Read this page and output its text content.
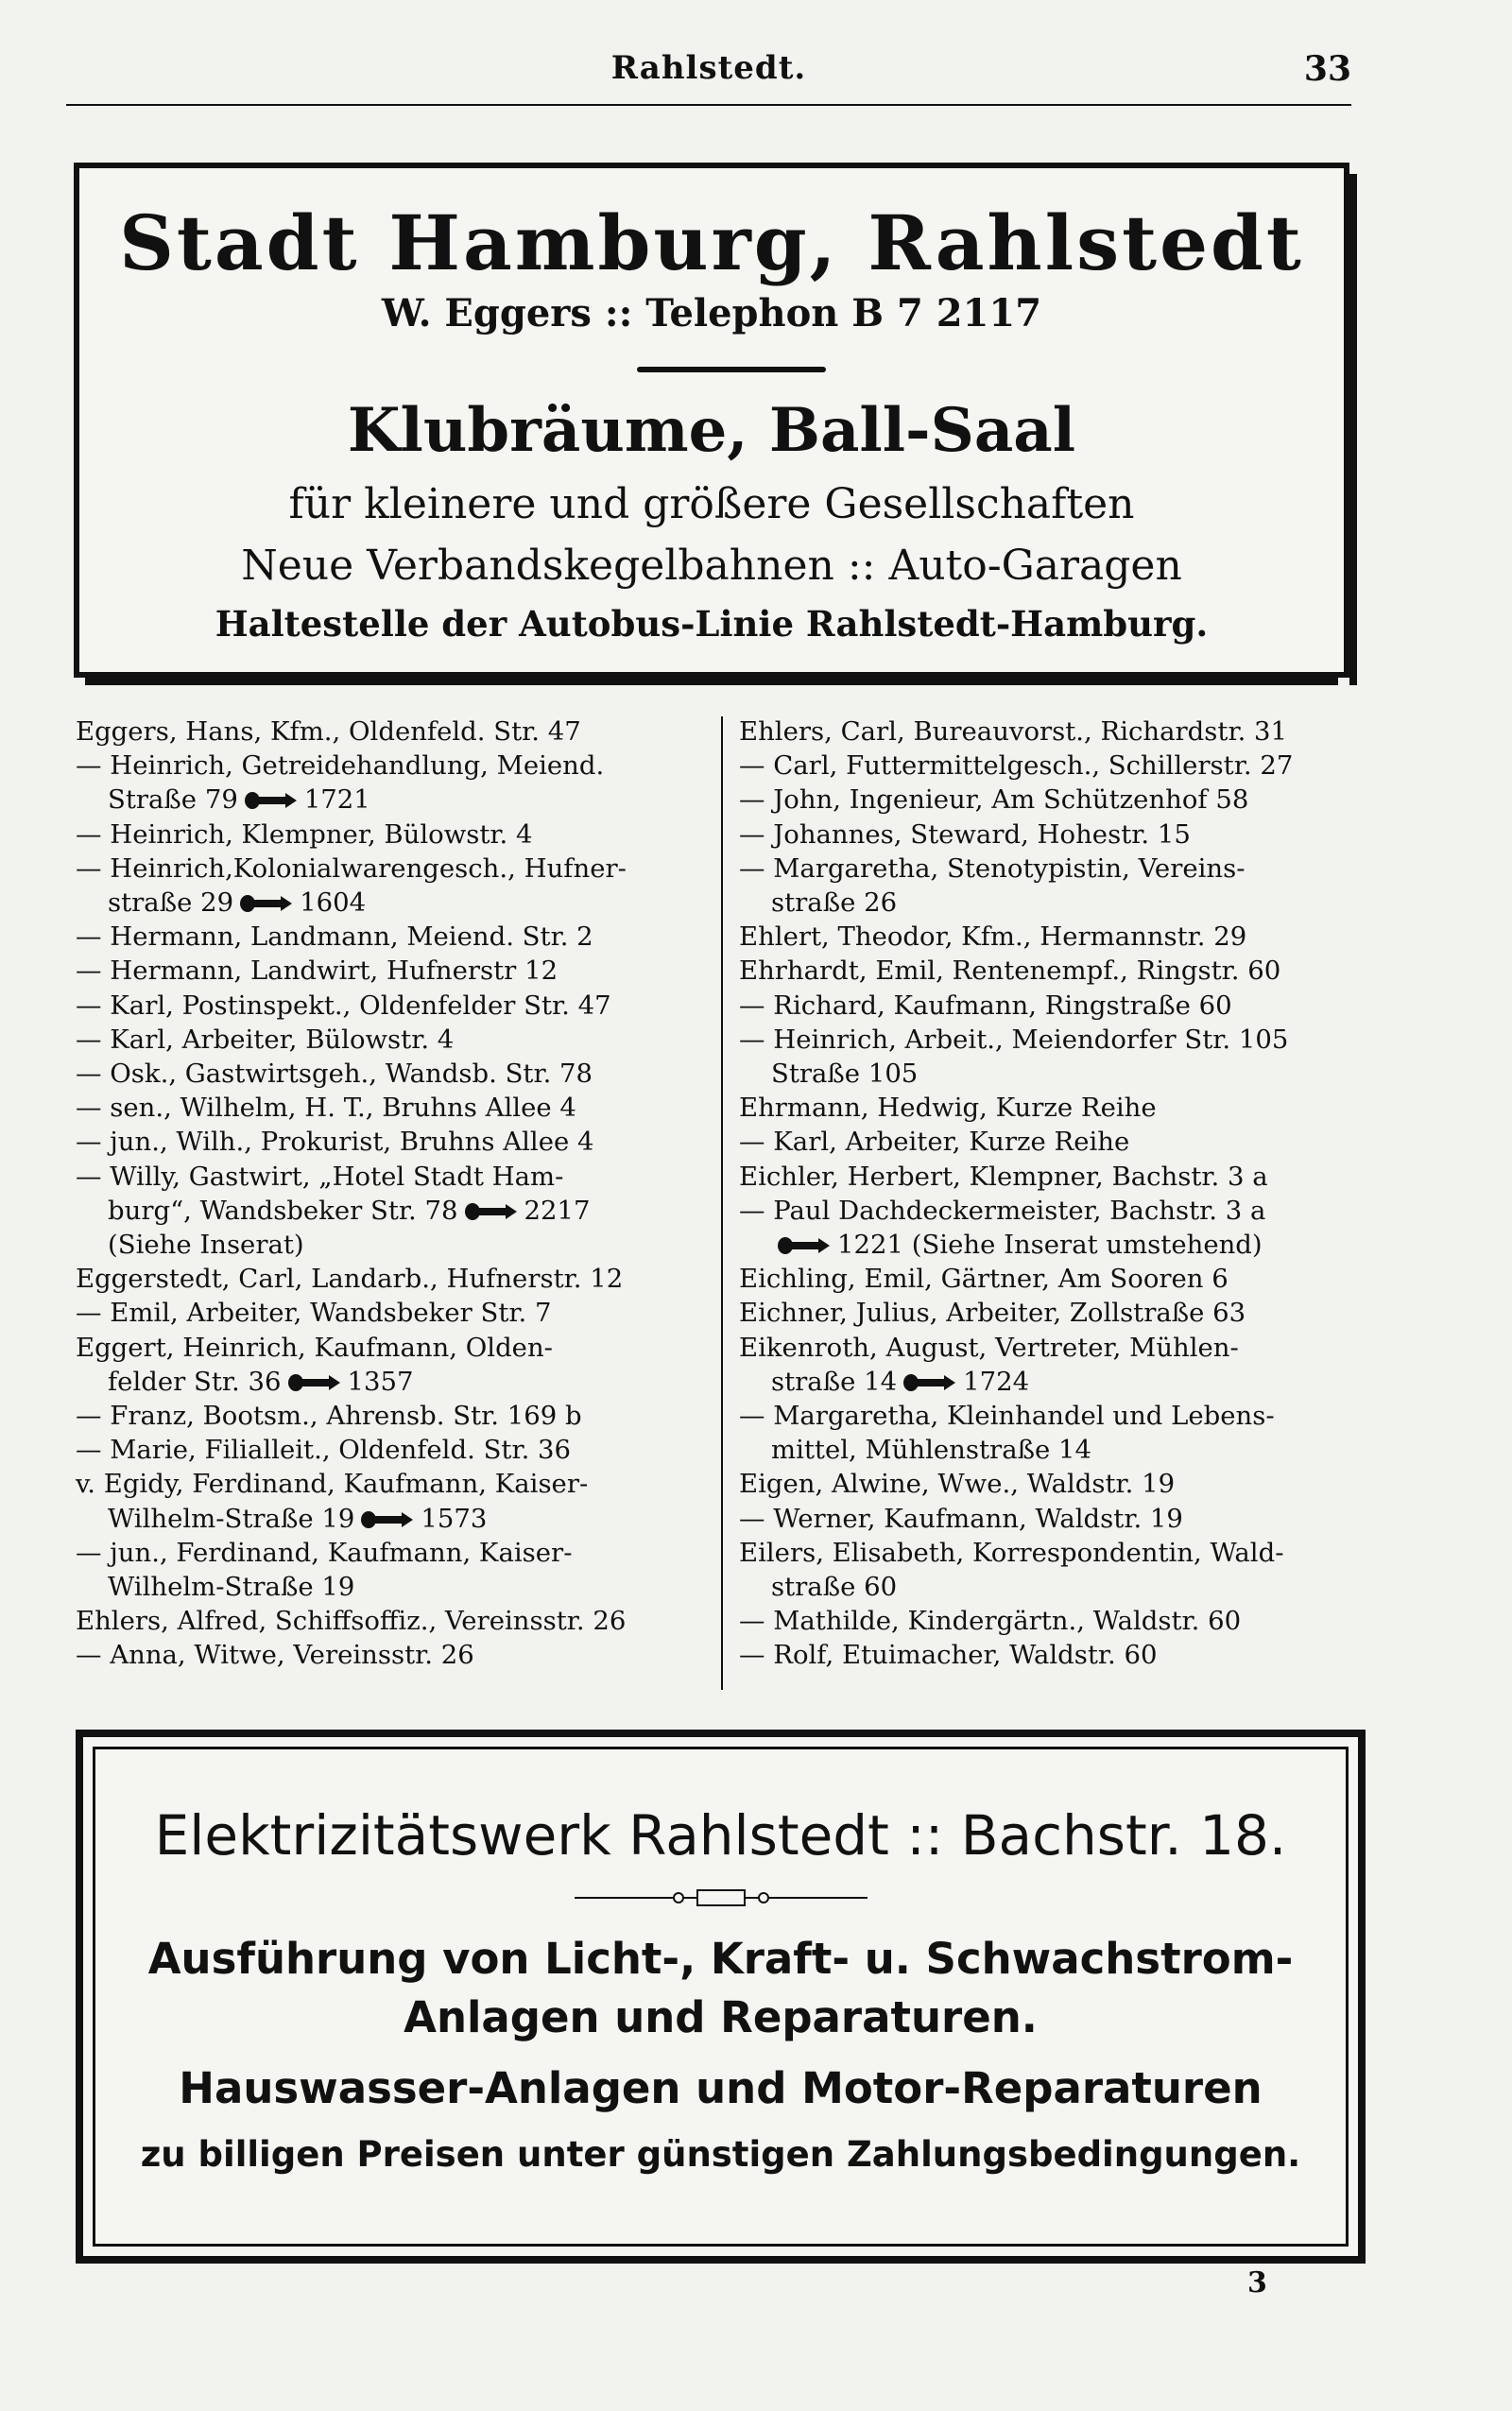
Rahlstedt.	33
Stadt Hamburg, Rahlstedt
W. Eggers :: Telephon B 7 2117
Klubräume, Ball-Saal
für kleinere und größere Gesellschaften
Neue Verbandskegelbahnen :: Auto-Garagen
Haltestelle der Autobus-Linie Rahlstedt-Hamburg.
Eggers, Hans, Kfm., Oldenfeld. Str. 47
— Heinrich, Getreidehandlung, Meiend.
Straße 79	1721
— Heinrich, Klempner, Bülowstr. 4
— Heinrich,Kolonialwarengesch., Hufner-
straße 29	1604
— Hermann, Landmann, Meiend. Str. 2
— Hermann, Landwirt, Hufnerstr 12
— Karl, Postinspekt., Oldenfelder Str. 47
— Karl, Arbeiter, Bülowstr. 4
— Osk., Gastwirtsgeh., Wandsb. Str. 78
— sen., Wilhelm, H. T., Bruhns Allee 4
— jun., Wilh., Prokurist, Bruhns Allee 4
— Willy, Gastwirt, „Hotel Stadt Ham-
burg“, Wandsbeker Str. 78	2217
(Siehe Inserat)
Eggerstedt, Carl, Landarb., Hufnerstr. 12
— Emil, Arbeiter, Wandsbeker Str. 7
Eggert, Heinrich, Kaufmann, Olden-
felder Str. 36	1357
— Franz, Bootsm., Ahrensb. Str. 169 b
— Marie, Filialleit., Oldenfeld. Str. 36
v. Egidy, Ferdinand, Kaufmann, Kaiser-
Wilhelm-Straße 19	1573
— jun., Ferdinand, Kaufmann, Kaiser-
Wilhelm-Straße 19
Ehlers, Alfred, Schiffsoffiz., Vereinsstr. 26
— Anna, Witwe, Vereinsstr. 26
Ehlers, Carl, Bureauvorst., Richardstr. 31
— Carl, Futtermittelgesch., Schillerstr. 27
— John, Ingenieur, Am Schützenhof 58
— Johannes, Steward, Hohestr. 15
— Margaretha, Stenotypistin, Vereins-
straße 26
Ehlert, Theodor, Kfm., Hermannstr. 29
Ehrhardt, Emil, Rentenempf., Ringstr. 60
— Richard, Kaufmann, Ringstraße 60
— Heinrich, Arbeit., Meiendorfer Str. 105
Straße 105
Ehrmann, Hedwig, Kurze Reihe
— Karl, Arbeiter, Kurze Reihe
Eichler, Herbert, Klempner, Bachstr. 3 a
— Paul Dachdeckermeister, Bachstr. 3 a
1221 (Siehe Inserat umstehend)
Eichling, Emil, Gärtner, Am Sooren 6
Eichner, Julius, Arbeiter, Zollstraße 63
Eikenroth, August, Vertreter, Mühlen-
straße 14	1724
— Margaretha, Kleinhandel und Lebens-
mittel, Mühlenstraße 14
Eigen, Alwine, Wwe., Waldstr. 19
— Werner, Kaufmann, Waldstr. 19
Eilers, Elisabeth, Korrespondentin, Wald-
straße 60
— Mathilde, Kindergärtn., Waldstr. 60
— Rolf, Etuimacher, Waldstr. 60
Elektrizitätswerk Rahlstedt :: Bachstr. 18.
Ausführung von Licht-, Kraft- u. Schwachstrom-
Anlagen und Reparaturen.
Hauswasser-Anlagen und Motor-Reparaturen
zu billigen Preisen unter günstigen Zahlungsbedingungen.
3
